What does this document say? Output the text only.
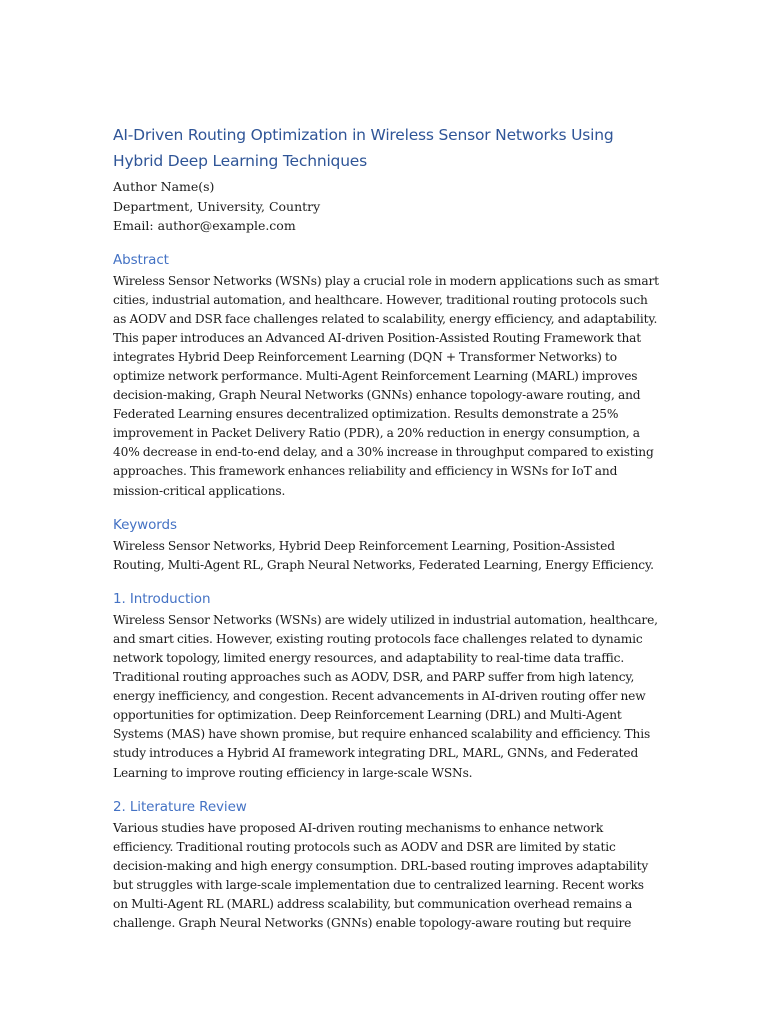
AI-Driven Routing Optimization in Wireless Sensor Networks Using Hybrid Deep Learning Techniques

Author Name(s)

Department, University, Country

Email: author@example.com

Abstract

Wireless Sensor Networks (WSNs) play a crucial role in modern applications such as smart cities, industrial automation, and healthcare. However, traditional routing protocols such as AODV and DSR face challenges related to scalability, energy efficiency, and adaptability. This paper introduces an Advanced AI-driven Position-Assisted Routing Framework that integrates Hybrid Deep Reinforcement Learning (DQN + Transformer Networks) to optimize network performance. Multi-Agent Reinforcement Learning (MARL) improves decision-making, Graph Neural Networks (GNNs) enhance topology-aware routing, and Federated Learning ensures decentralized optimization. Results demonstrate a 25% improvement in Packet Delivery Ratio (PDR), a 20% reduction in energy consumption, a 40% decrease in end-to-end delay, and a 30% increase in throughput compared to existing approaches. This framework enhances reliability and efficiency in WSNs for IoT and mission-critical applications.

Keywords

Wireless Sensor Networks, Hybrid Deep Reinforcement Learning, Position-Assisted Routing, Multi-Agent RL, Graph Neural Networks, Federated Learning, Energy Efficiency.

1. Introduction

Wireless Sensor Networks (WSNs) are widely utilized in industrial automation, healthcare, and smart cities. However, existing routing protocols face challenges related to dynamic network topology, limited energy resources, and adaptability to real-time data traffic. Traditional routing approaches such as AODV, DSR, and PARP suffer from high latency, energy inefficiency, and congestion. Recent advancements in AI-driven routing offer new opportunities for optimization. Deep Reinforcement Learning (DRL) and Multi-Agent Systems (MAS) have shown promise, but require enhanced scalability and efficiency. This study introduces a Hybrid AI framework integrating DRL, MARL, GNNs, and Federated Learning to improve routing efficiency in large-scale WSNs.

2. Literature Review

Various studies have proposed AI-driven routing mechanisms to enhance network efficiency. Traditional routing protocols such as AODV and DSR are limited by static decision-making and high energy consumption. DRL-based routing improves adaptability but struggles with large-scale implementation due to centralized learning. Recent works on Multi-Agent RL (MARL) address scalability, but communication overhead remains a challenge. Graph Neural Networks (GNNs) enable topology-aware routing but require
